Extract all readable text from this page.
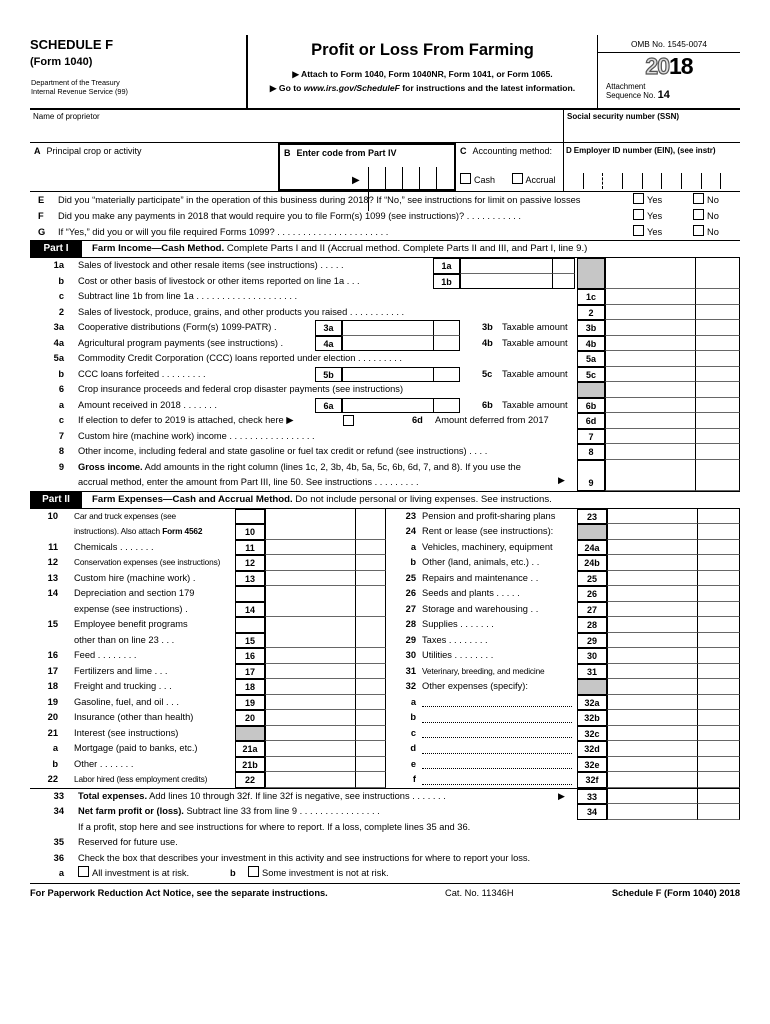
SCHEDULE F
(Form 1040)
Department of the Treasury
Internal Revenue Service (99)
Profit or Loss From Farming
▶ Attach to Form 1040, Form 1040NR, Form 1041, or Form 1065.
▶ Go to www.irs.gov/ScheduleF for instructions and the latest information.
OMB No. 1545-0074
2018
Attachment
Sequence No. 14
Name of proprietor	Social security number (SSN)
A Principal crop or activity	B Enter code from Part IV
▶
C Accounting method:
Cash	Accrual
D Employer ID number (EIN), (see instr)
E Did you “materially participate” in the operation of this business during 2018? If “No,” see instructions for limit on passive losses	Yes	No
F Did you make any payments in 2018 that would require you to file Form(s) 1099 (see instructions)? . . . . . . . . . . .	Yes	No
G If “Yes,” did you or will you file required Forms 1099? . . . . . . . . . . . . . . . . . . . . . .	Yes	No
Part I	Farm Income—Cash Method. Complete Parts I and II (Accrual method. Complete Parts II and III, and Part I, line 9.)
1a Sales of livestock and other resale items (see instructions) . . . . .	1a
b Cost or other basis of livestock or other items reported on line 1a . . .	1b
c Subtract line 1b from line 1a . . . . . . . . . . . . . . . . . . . .	1c
2 Sales of livestock, produce, grains, and other products you raised . . . . . . . . . . .	2
3a Cooperative distributions (Form(s) 1099-PATR) .	3a	3b Taxable amount	3b
4a Agricultural program payments (see instructions) .	4a	4b Taxable amount	4b
5a Commodity Credit Corporation (CCC) loans reported under election . . . . . . . . .	5a
b CCC loans forfeited . . . . . . . . .	5b	5c Taxable amount	5c
6 Crop insurance proceeds and federal crop disaster payments (see instructions)
a Amount received in 2018 . . . . . . .	6a	6b Taxable amount	6b
c If election to defer to 2019 is attached, check here ▶	6d Amount deferred from 2017	6d
7 Custom hire (machine work) income . . . . . . . . . . . . . . . . .	7
8 Other income, including federal and state gasoline or fuel tax credit or refund (see instructions) . . . .	8
9 Gross income. Add amounts in the right column (lines 1c, 2, 3b, 4b, 5a, 5c, 6b, 6d, 7, and 8). If you use the
accrual method, enter the amount from Part III, line 50. See instructions . . . . . . . . .	▶	9
Part II	Farm Expenses—Cash and Accrual Method. Do not include personal or living expenses. See instructions.
10 Car and truck expenses (see
instructions). Also attach Form 4562	10
11 Chemicals . . . . . . .	11
12 Conservation expenses (see instructions)	12
13 Custom hire (machine work) .	13
14 Depreciation and section 179
expense (see instructions) .	14
15 Employee benefit programs
other than on line 23 . . .	15
16 Feed . . . . . . . .	16
17 Fertilizers and lime . . .	17
18 Freight and trucking . . .	18
19 Gasoline, fuel, and oil . . .	19
20 Insurance (other than health)	20
21 Interest (see instructions)
a Mortgage (paid to banks, etc.)	21a
b Other . . . . . . .	21b
22 Labor hired (less employment credits)	22
23 Pension and profit-sharing plans	23
24 Rent or lease (see instructions):
a Vehicles, machinery, equipment	24a
b Other (land, animals, etc.) . .	24b
25 Repairs and maintenance . .	25
26 Seeds and plants . . . . .	26
27 Storage and warehousing . .	27
28 Supplies . . . . . . .	28
29 Taxes . . . . . . . .	29
30 Utilities . . . . . . . .	30
31 Veterinary, breeding, and medicine	31
32 Other expenses (specify):
a	32a
b	32b
c	32c
d	32d
e	32e
f	32f
33 Total expenses. Add lines 10 through 32f. If line 32f is negative, see instructions . . . . . . .	▶	33
34 Net farm profit or (loss). Subtract line 33 from line 9 . . . . . . . . . . . . . . . .	34
If a profit, stop here and see instructions for where to report. If a loss, complete lines 35 and 36.
35 Reserved for future use.
36 Check the box that describes your investment in this activity and see instructions for where to report your loss.
a	All investment is at risk.	b	Some investment is not at risk.
For Paperwork Reduction Act Notice, see the separate instructions.	Cat. No. 11346H	Schedule F (Form 1040) 2018
